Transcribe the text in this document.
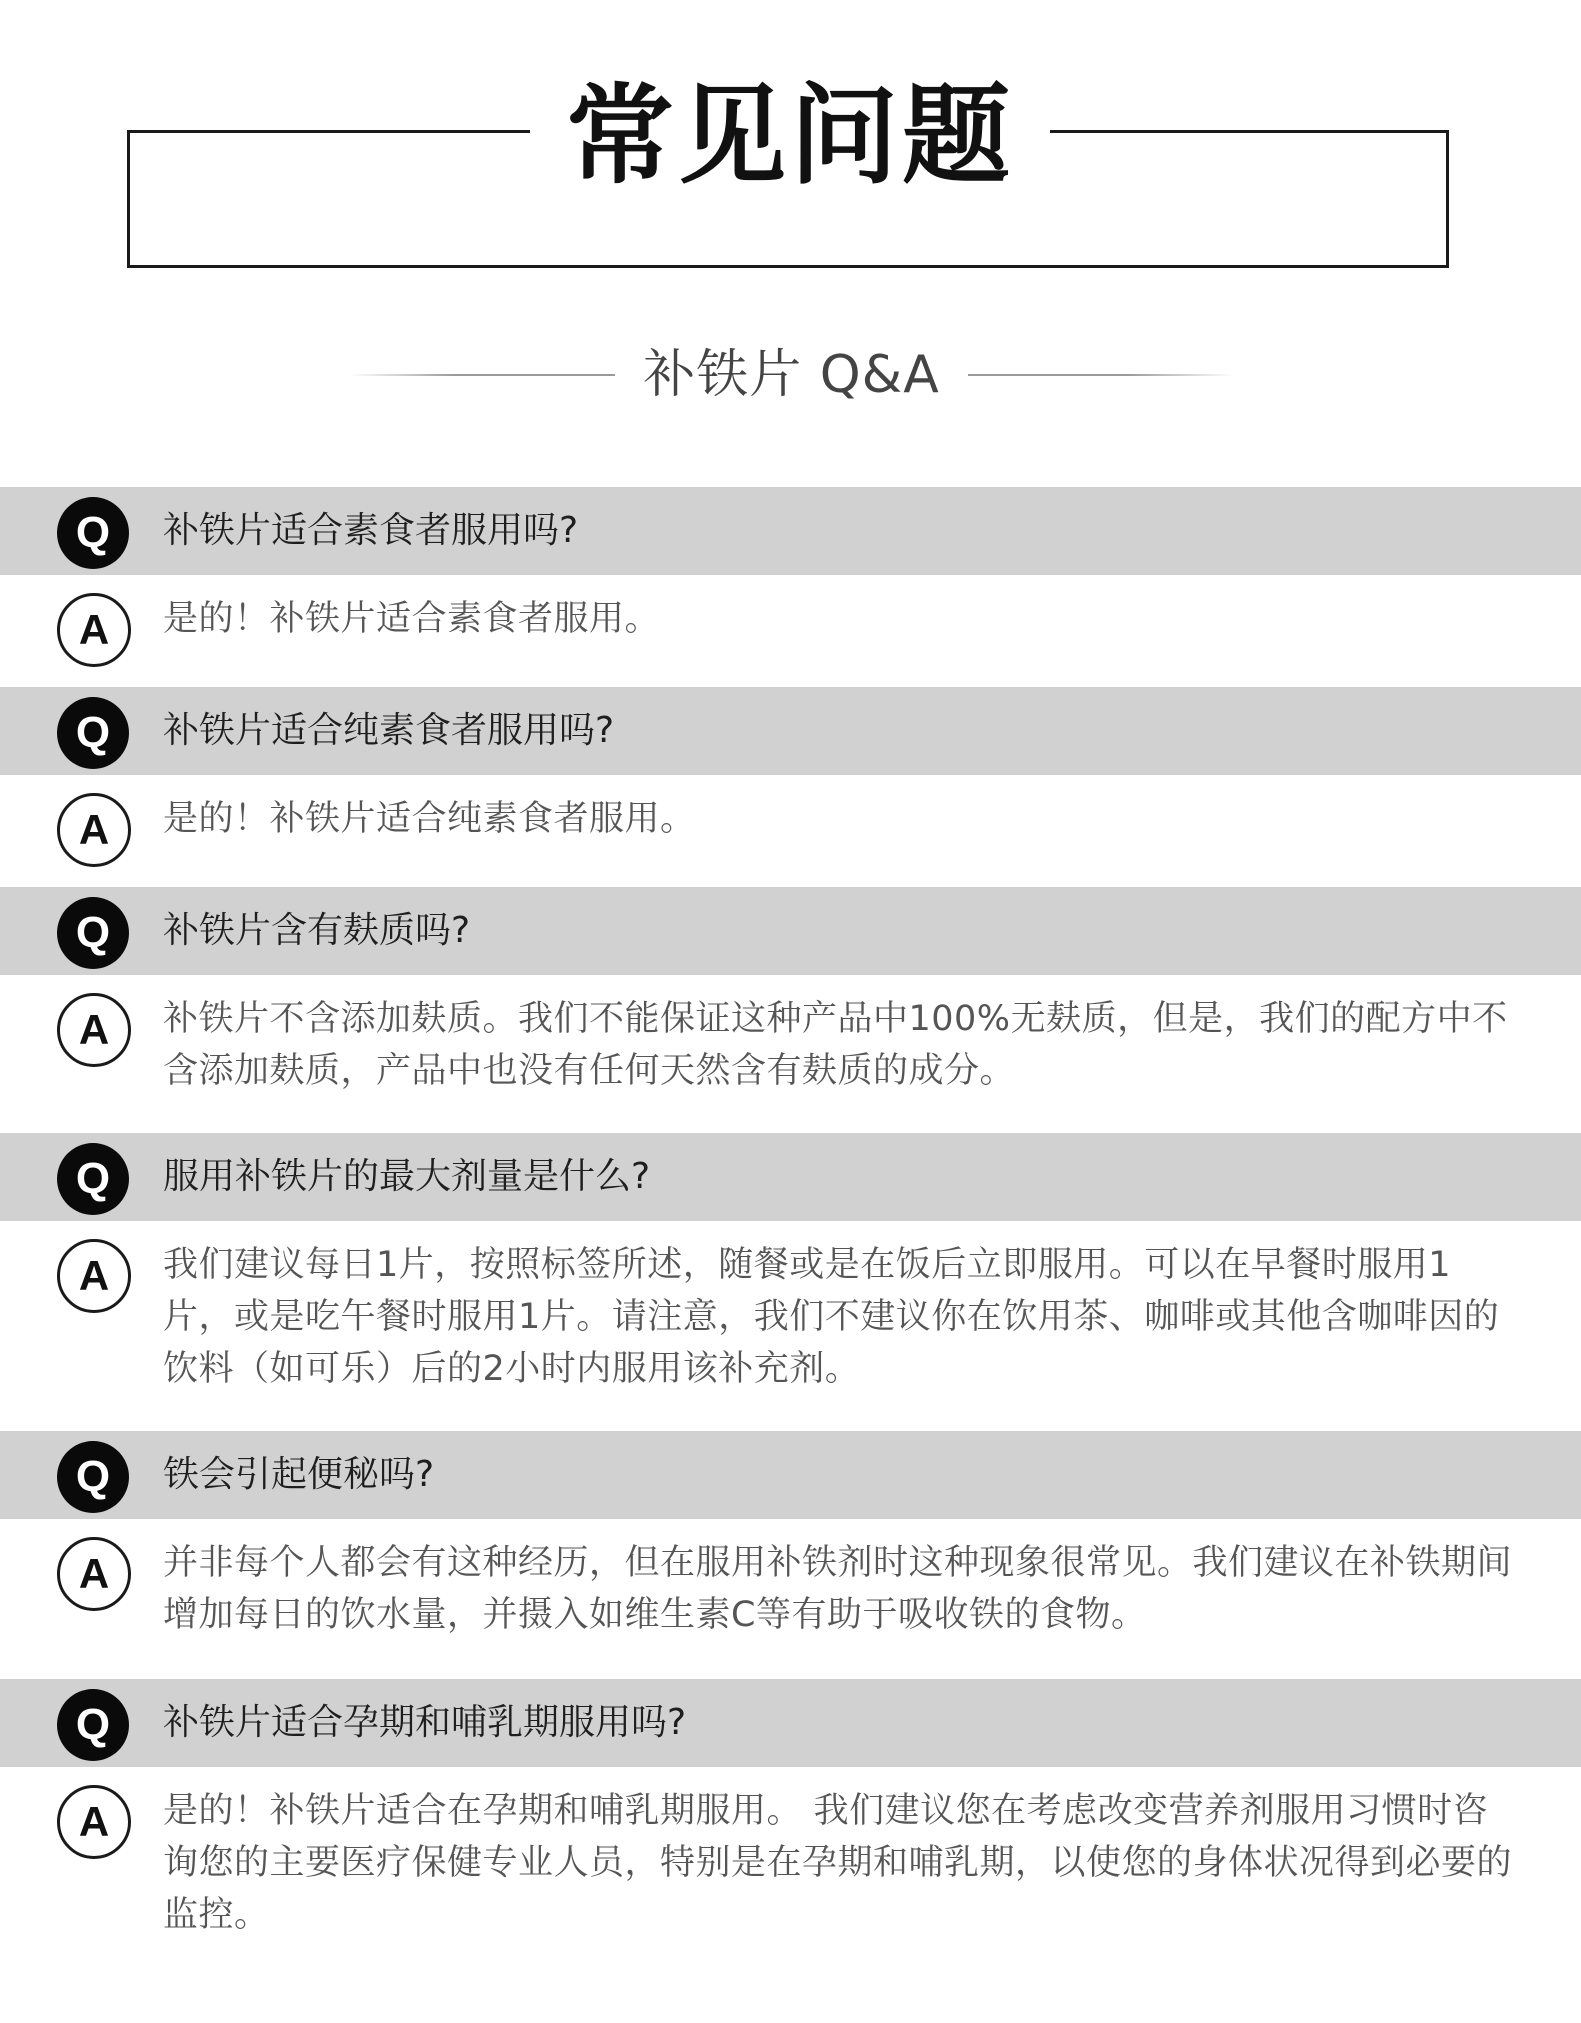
常见问题
补铁片 Q&A
Q	补铁片适合素食者服用吗?
A	是的！补铁片适合素食者服用。

Q	补铁片适合纯素食者服用吗?
A	是的！补铁片适合纯素食者服用。

Q	补铁片含有麸质吗?
A	补铁片不含添加麸质。我们不能保证这种产品中100%无麸质，但是，我们的配方中不含添加麸质，产品中也没有任何天然含有麸质的成分。

Q	服用补铁片的最大剂量是什么?
A	我们建议每日1片，按照标签所述，随餐或是在饭后立即服用。可以在早餐时服用1片，或是吃午餐时服用1片。请注意，我们不建议你在饮用茶、咖啡或其他含咖啡因的饮料（如可乐）后的2小时内服用该补充剂。

Q	铁会引起便秘吗?
A	并非每个人都会有这种经历，但在服用补铁剂时这种现象很常见。我们建议在补铁期间增加每日的饮水量，并摄入如维生素C等有助于吸收铁的食物。

Q	补铁片适合孕期和哺乳期服用吗?
A	是的！补铁片适合在孕期和哺乳期服用。 我们建议您在考虑改变营养剂服用习惯时咨询您的主要医疗保健专业人员，特别是在孕期和哺乳期，以使您的身体状况得到必要的监控。
